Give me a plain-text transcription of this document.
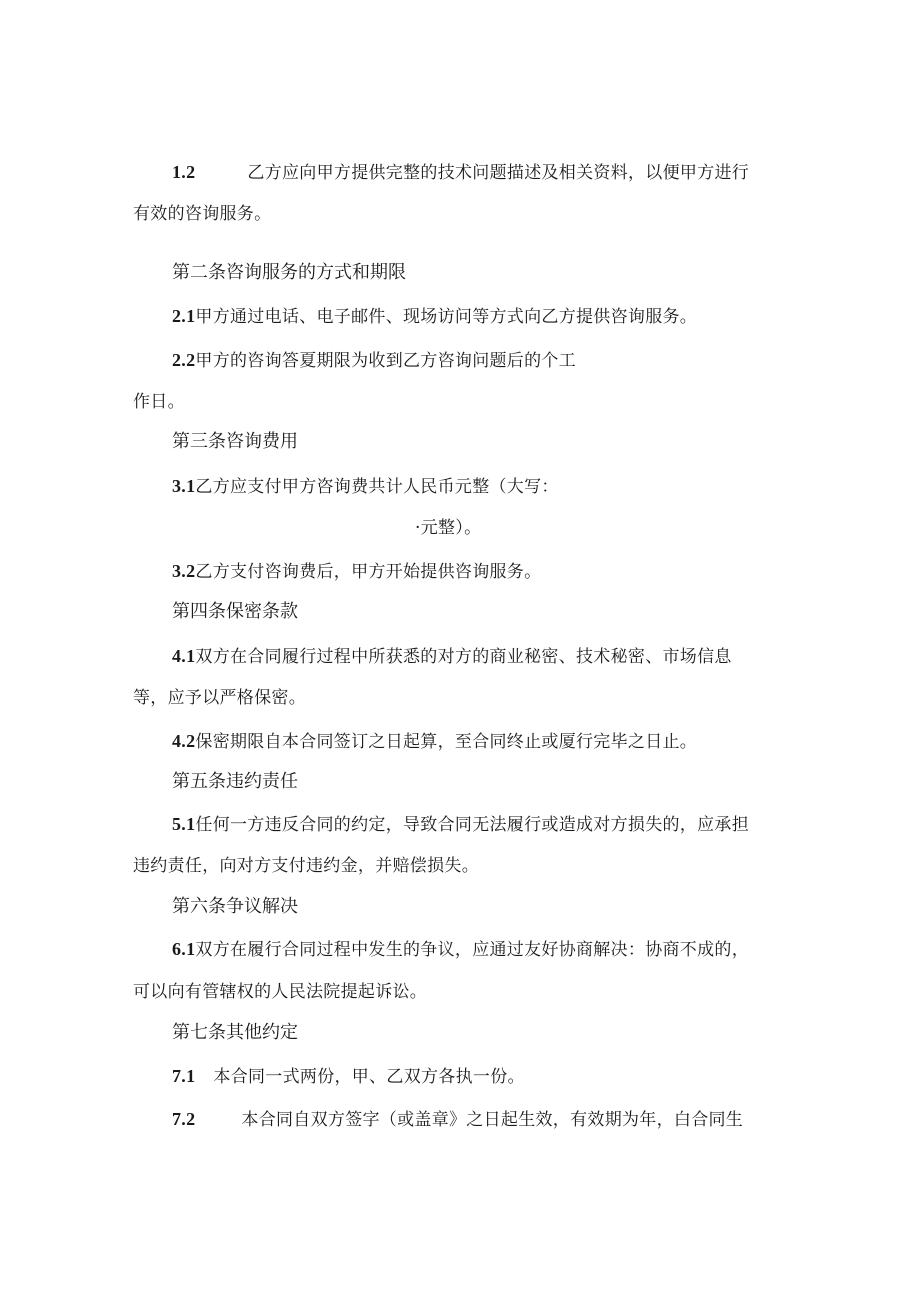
1.2	乙方应向甲方提供完整的技术问题描述及相关资料，以便甲方进行
有效的咨询服务。
第二条咨询服务的方式和期限
2.1甲方通过电话、电子邮件、现场访问等方式向乙方提供咨询服务。
2.2甲方的咨询答夏期限为收到乙方咨询问题后的个工
作日。
第三条咨询费用
3.1乙方应支付甲方咨询费共计人民币元整（大写：
·元整）。
3.2乙方支付咨询费后，甲方开始提供咨询服务。
第四条保密条款
4.1双方在合同履行过程中所获悉的对方的商业秘密、技术秘密、市场信息
等，应予以严格保密。
4.2保密期限自本合同签订之日起算，至合同终止或厦行完毕之日止。
第五条违约责任
5.1任何一方违反合同的约定，导致合同无法履行或造成对方损失的，应承担
违约责任，向对方支付违约金，并赔偿损失。
第六条争议解决
6.1双方在履行合同过程中发生的争议，应通过友好协商解决：协商不成的，
可以向有管辖权的人民法院提起诉讼。
第七条其他约定
7.1 本合同一式两份，甲、乙双方各执一份。
7.2	本合同自双方签字（或盖章》之日起生效，有效期为年，白合同生
